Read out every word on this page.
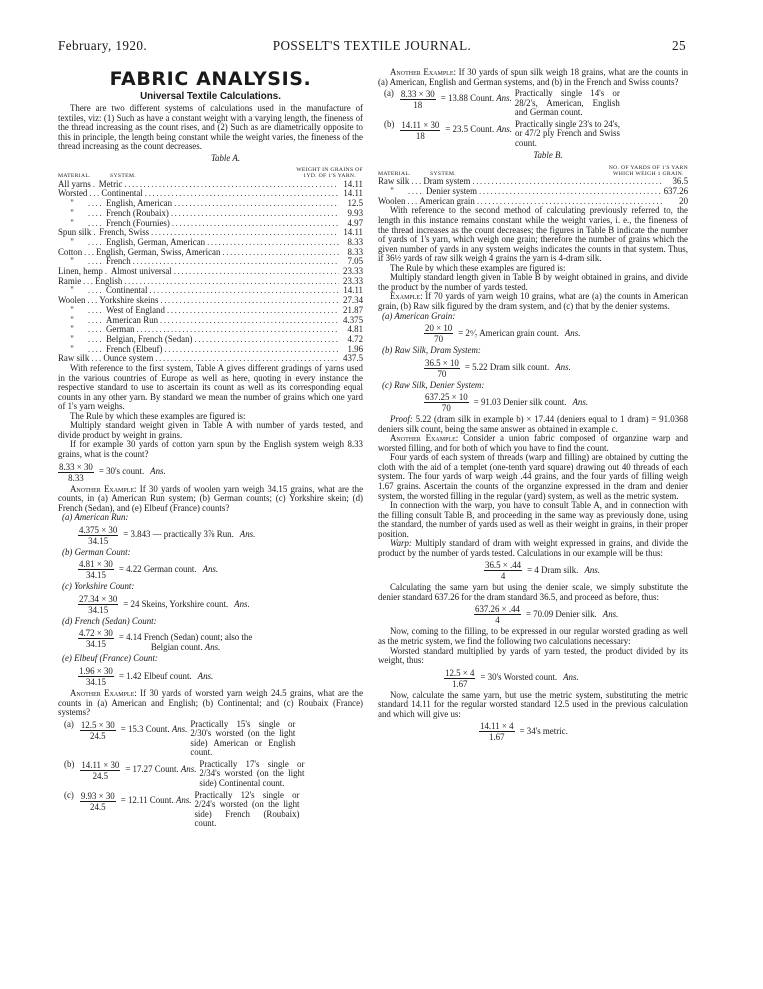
February, 1920.	POSSELT'S TEXTILE JOURNAL.	25
FABRIC ANALYSIS.
Universal Textile Calculations.

There are two different systems of calculations used in the manufacture of textiles, viz: (1) Such as have a constant weight with a varying length, the fineness of the thread increasing as the count rises, and (2) Such as are diametrically opposite to this in principle, the length being constant while the weight varies, the fineness of the thread increasing as the count decreases.

Table A.
MATERIAL.	SYSTEM.
WEIGHT IN GRAINS OF
1YD. OF 1'S YARN.
All yarns ..... Metric .....	14.11
Worsted ..... Continental .....	14.11
" .....	English, American .....	12.5
" .....	French (Roubaix) .....	9.93
" .....	French (Fournies) .....	4.97
Spun silk ..... French, Swiss .....	14.11
" .....	English, German, American .....	8.33
Cotton ..... English, German, Swiss, American .....	8.33
" .....	French .....	7.05
Linen, hemp ..... Almost universal .....	23.33
Ramie ..... English .....	23.33
" .....	Continental .....	14.11
Woolen ..... Yorkshire skeins .....	27.34
" .....	West of England .....	21.87
" .....	American Run .....	4.375
" .....	German .....	4.81
" .....	Belgian, French (Sedan) .....	4.72
" .....	French (Elbeuf) .....	1.96
Raw silk ..... Ounce system .....	437.5

With reference to the first system, Table A gives different gradings of yarns used in the various countries of Europe as well as here, quoting in every instance the respective standard to use to ascertain its count as well as its corresponding equal counts in any other yarn. By standard we mean the number of grains which one yard of 1's yarn weighs.

The Rule by which these examples are figured is:

Multiply standard weight given in Table A with number of yards tested, and divide product by weight in grains.

If for example 30 yards of cotton yarn spun by the English system weigh 8.33 grains, what is the count?

$\frac{8.33 \times 30}{8.33} = 30's$ count. Ans.

Another Example: If 30 yards of woolen yarn weigh 34.15 grains, what are the counts, in (a) American Run system; (b) German counts; (c) Yorkshire skein; (d) French (Sedan), and (e) Elbeuf (France) counts?

(a) American Run:
$\frac{4.375 \times 30}{34.15} = 3.843$ — practically 3⅞ Run. Ans.
(b) German Count:
$\frac{4.81 \times 30}{34.15} = 4.22$ German count. Ans.
(c) Yorkshire Count:
$\frac{27.34 \times 30}{34.15} = 24$ Skeins, Yorkshire count. Ans.
(d) French (Sedan) Count:
$\frac{4.72 \times 30}{34.15} = 4.14$ French (Sedan) count; also the
Belgian count. Ans.
(e) Elbeuf (France) Count:
$\frac{1.96 \times 30}{34.15} = 1.42$ Elbeuf count. Ans.

Another Example: If 30 yards of worsted yarn weigh 24.5 grains, what are the counts in (a) American and English; (b) Continental; and (c) Roubaix (France) systems?

$(a) \frac{12.5 \times 30}{24.5} = 15.3$ Count. Ans. Practically 15's single or 2/30's worsted (on the light side) American or English count.
$(b) \frac{14.11 \times 30}{24.5} = 17.27$ Count. Ans. Practically 17's single or 2/34's worsted (on the light side) Continental count.
$(c) \frac{9.93 \times 30}{24.5} = 12.11$ Count. Ans. Practically 12's single or 2/24's worsted (on the light side) French (Roubaix) count.

Another Example: If 30 yards of spun silk weigh 18 grains, what are the counts in (a) American, English and German systems, and (b) in the French and Swiss counts?

$(a) \frac{8.33 \times 30}{18} = 13.88$ Count. Ans. Practically single 14's or 28/2's, American, English and German count.
$(b) \frac{14.11 \times 30}{18} = 23.5$ Count. Ans. Practically single 23's to 24's, or 47/2 ply French and Swiss count.
Table B.
MATERIAL.	SYSTEM.
NO. OF YARDS OF 1'S YARN
WHICH WEIGH 1 GRAIN.
Raw silk ..... Dram system .....	36.5
" .....	Denier system .....	637.26
Woolen ..... American grain .....	20

With reference to the second method of calculating previously referred to, the length in this instance remains constant while the weight varies, i. e., the fineness of the thread increases as the count decreases; the figures in Table B indicate the number of yards of 1's yarn, which weigh one grain; therefore the number of grains which the given number of yards in any system weighs indicates the counts in that system. Thus, if 36½ yards of raw silk weigh 4 grains the yarn is 4-dram silk.

The Rule by which these examples are figured is:

Multiply standard length given in Table B by weight obtained in grains, and divide the product by the number of yards tested.

Example: If 70 yards of yarn weigh 10 grains, what are (a) the counts in American grain, (b) Raw silk figured by the dram system, and (c) that by the denier systems.

(a) American Grain:
$\frac{20 \times 10}{70}$ = 2⁶⁄₇ American grain count. Ans.
(b) Raw Silk, Dram System:
$\frac{36.5 \times 10}{70} = 5.22$ Dram silk count. Ans.
(c) Raw Silk, Denier System:
$\frac{637.25 \times 10}{70} = 91.03$ Denier silk count. Ans.

Proof: 5.22 (dram silk in example b) × 17.44 (deniers equal to 1 dram) = 91.0368 deniers silk count, being the same answer as obtained in example c.

Another Example: Consider a union fabric composed of organzine warp and worsted filling, and for both of which you have to find the count.

Four yards of each system of threads (warp and filling) are obtained by cutting the cloth with the aid of a templet (one-tenth yard square) drawing out 40 threads of each system. The four yards of warp weigh .44 grains, and the four yards of filling weigh 1.67 grains. Ascertain the counts of the organzine expressed in the dram and denier system, the worsted filling in the regular (yard) system, as well as the metric system.

In connection with the warp, you have to consult Table A, and in connection with the filling consult Table B, and proceeding in the same way as previously done, using the standard, the number of yards used as well as their weight in grains, in their proper position.

Warp: Multiply standard of dram with weight expressed in grains, and divide the product by the number of yards tested. Calculations in our example will be thus:

$\frac{36.5 \times .44}{4} = 4$ Dram silk. Ans.

Calculating the same yarn but using the denier scale, we simply substitute the denier standard 637.26 for the dram standard 36.5, and proceed as before, thus:

$\frac{637.26 \times .44}{4} = 70.09$ Denier silk. Ans.

Now, coming to the filling, to be expressed in our regular worsted grading as well as the metric system, we find the following two calculations necessary:

Worsted standard multiplied by yards of yarn tested, the product divided by its weight, thus:

$\frac{12.5 \times 4}{1.67} = 30's$ Worsted count. Ans.

Now, calculate the same yarn, but use the metric system, substituting the metric standard 14.11 for the regular worsted standard 12.5 used in the previous calculation and which will give us:

$\frac{14.11 \times 4}{1.67} = 34's$ metric.
